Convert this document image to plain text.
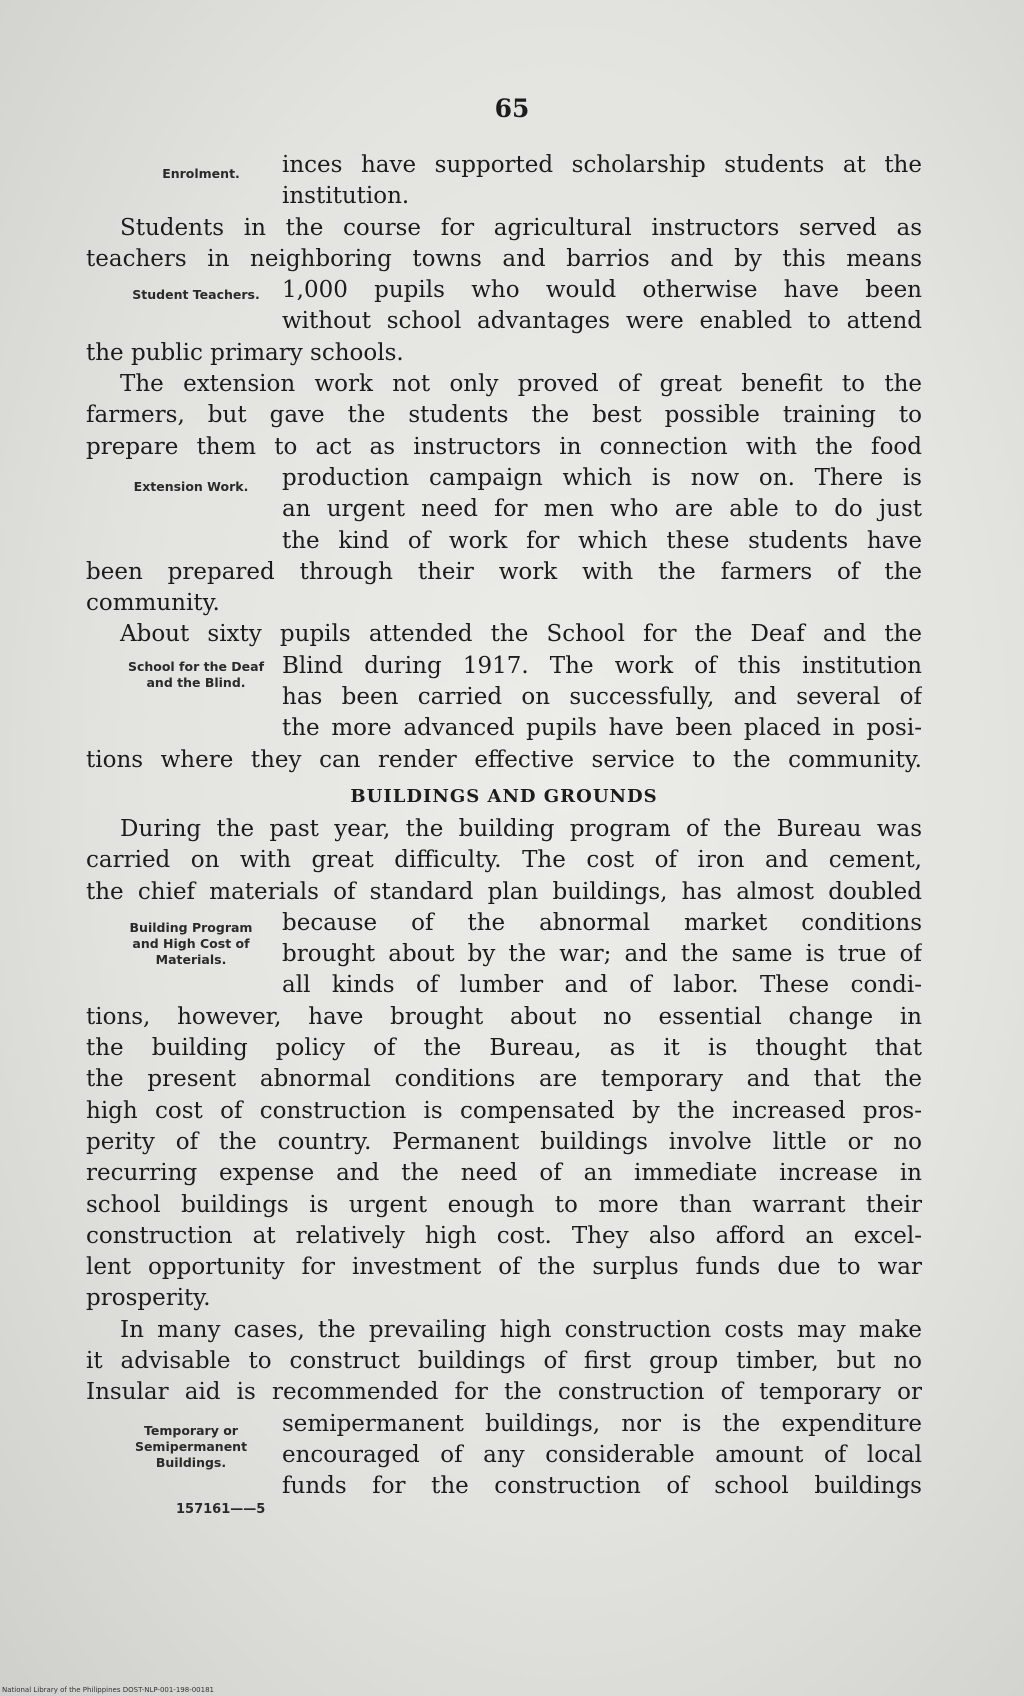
65
Enrolment.	inces have supported scholarship students at the
institution.
Student Teachers.
Students in the course for agricultural instructors served as
teachers in neighboring towns and barrios and by this means
1,000 pupils who would otherwise have been
without school advantages were enabled to attend
the public primary schools.
Extension Work.
The extension work not only proved of great benefit to the
farmers, but gave the students the best possible training to
prepare them to act as instructors in connection with the food
production campaign which is now on. There is
an urgent need for men who are able to do just
the kind of work for which these students have
been prepared through their work with the farmers of the
community.
School for the Deaf and the Blind.
About sixty pupils attended the School for the Deaf and the
Blind during 1917. The work of this institution
has been carried on successfully, and several of
the more advanced pupils have been placed in posi-
tions where they can render effective service to the community.
BUILDINGS AND GROUNDS
Building Program and High Cost of Materials.
During the past year, the building program of the Bureau was
carried on with great difficulty. The cost of iron and cement,
the chief materials of standard plan buildings, has almost doubled
because of the abnormal market conditions
brought about by the war; and the same is true of
all kinds of lumber and of labor. These condi-
tions, however, have brought about no essential change in
the building policy of the Bureau, as it is thought that
the present abnormal conditions are temporary and that the
high cost of construction is compensated by the increased pros-
perity of the country. Permanent buildings involve little or no
recurring expense and the need of an immediate increase in
school buildings is urgent enough to more than warrant their
construction at relatively high cost. They also afford an excel-
lent opportunity for investment of the surplus funds due to war
prosperity.
Temporary or Semipermanent Buildings.
In many cases, the prevailing high construction costs may make
it advisable to construct buildings of first group timber, but no
Insular aid is recommended for the construction of temporary or
semipermanent buildings, nor is the expenditure
encouraged of any considerable amount of local
funds for the construction of school buildings
157161——5
National Library of the Philippines DOST-NLP-001-198-00181
